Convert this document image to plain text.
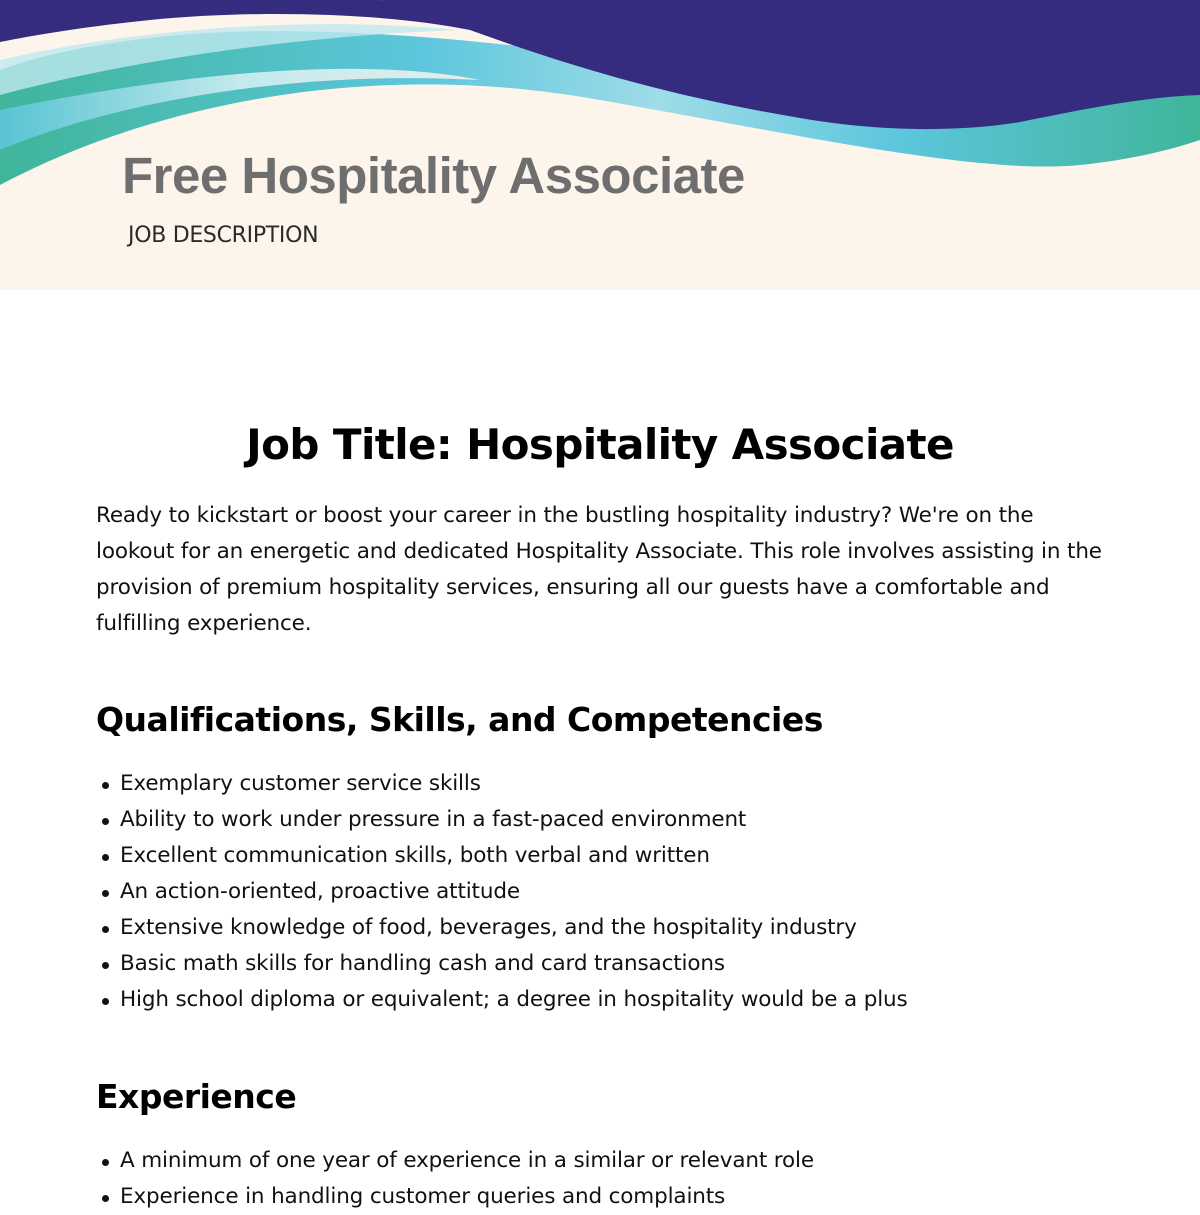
Free Hospitality Associate

JOB DESCRIPTION

Job Title: Hospitality Associate

Ready to kickstart or boost your career in the bustling hospitality industry? We're on the lookout for an energetic and dedicated Hospitality Associate. This role involves assisting in the provision of premium hospitality services, ensuring all our guests have a comfortable and fulfilling experience.

Qualifications, Skills, and Competencies
Exemplary customer service skills
Ability to work under pressure in a fast-paced environment
Excellent communication skills, both verbal and written
An action-oriented, proactive attitude
Extensive knowledge of food, beverages, and the hospitality industry
Basic math skills for handling cash and card transactions
High school diploma or equivalent; a degree in hospitality would be a plus
Experience
A minimum of one year of experience in a similar or relevant role
Experience in handling customer queries and complaints
